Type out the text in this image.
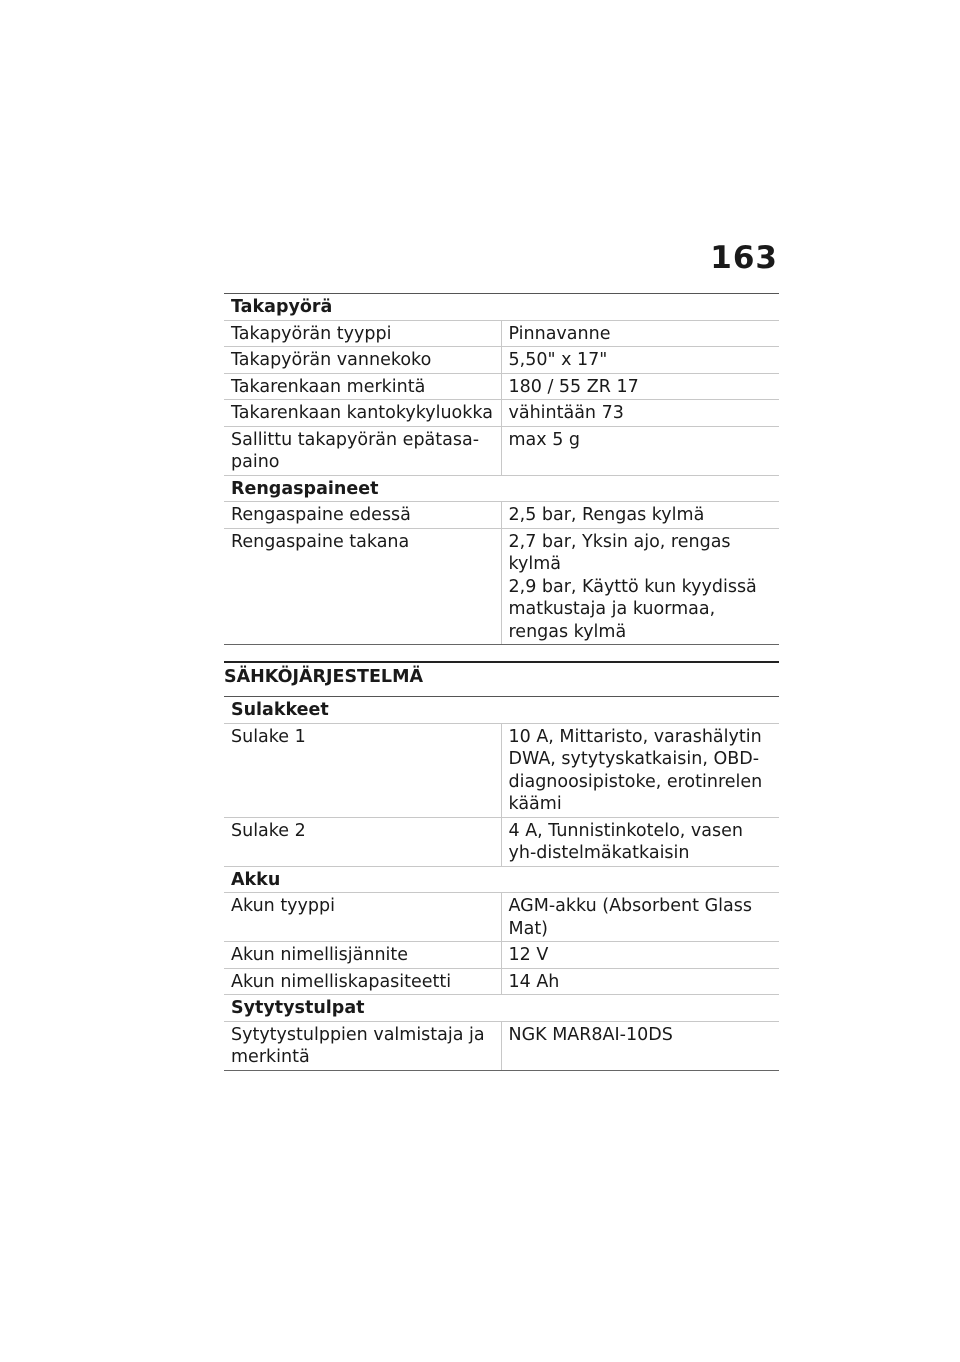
163
Takapyörä	
Takapyörän tyyppi	Pinnavanne

Takapyörän vannekoko	5,50" x 17"

Takarenkaan merkintä	180 / 55 ZR 17

Takarenkaan kantokykyluokka	vähintään 73

Sallittu takapyörän epätasa-paino	max 5 g

Rengaspaineet	
Rengaspaine edessä	2,5 bar, Rengas kylmä

Rengaspaine takana	2,7 bar, Yksin ajo, rengas kylmä
2,9 bar, Käyttö kun kyydissä matkustaja ja kuormaa, rengas kylmä
SÄHKÖJÄRJESTELMÄ
Sulakkeet	
Sulake 1	10 A, Mittaristo, varashälytin DWA, sytytyskatkaisin, OBD-diagnoosipistoke, erotinrelen käämi

Sulake 2	4 A, Tunnistinkotelo, vasen yh-distelmäkatkaisin

Akku	
Akun tyyppi	AGM-akku (Absorbent Glass Mat)

Akun nimellisjännite	12 V

Akun nimelliskapasiteetti	14 Ah

Sytytystulpat	
Sytytystulppien valmistaja ja merkintä	NGK MAR8AI-10DS
